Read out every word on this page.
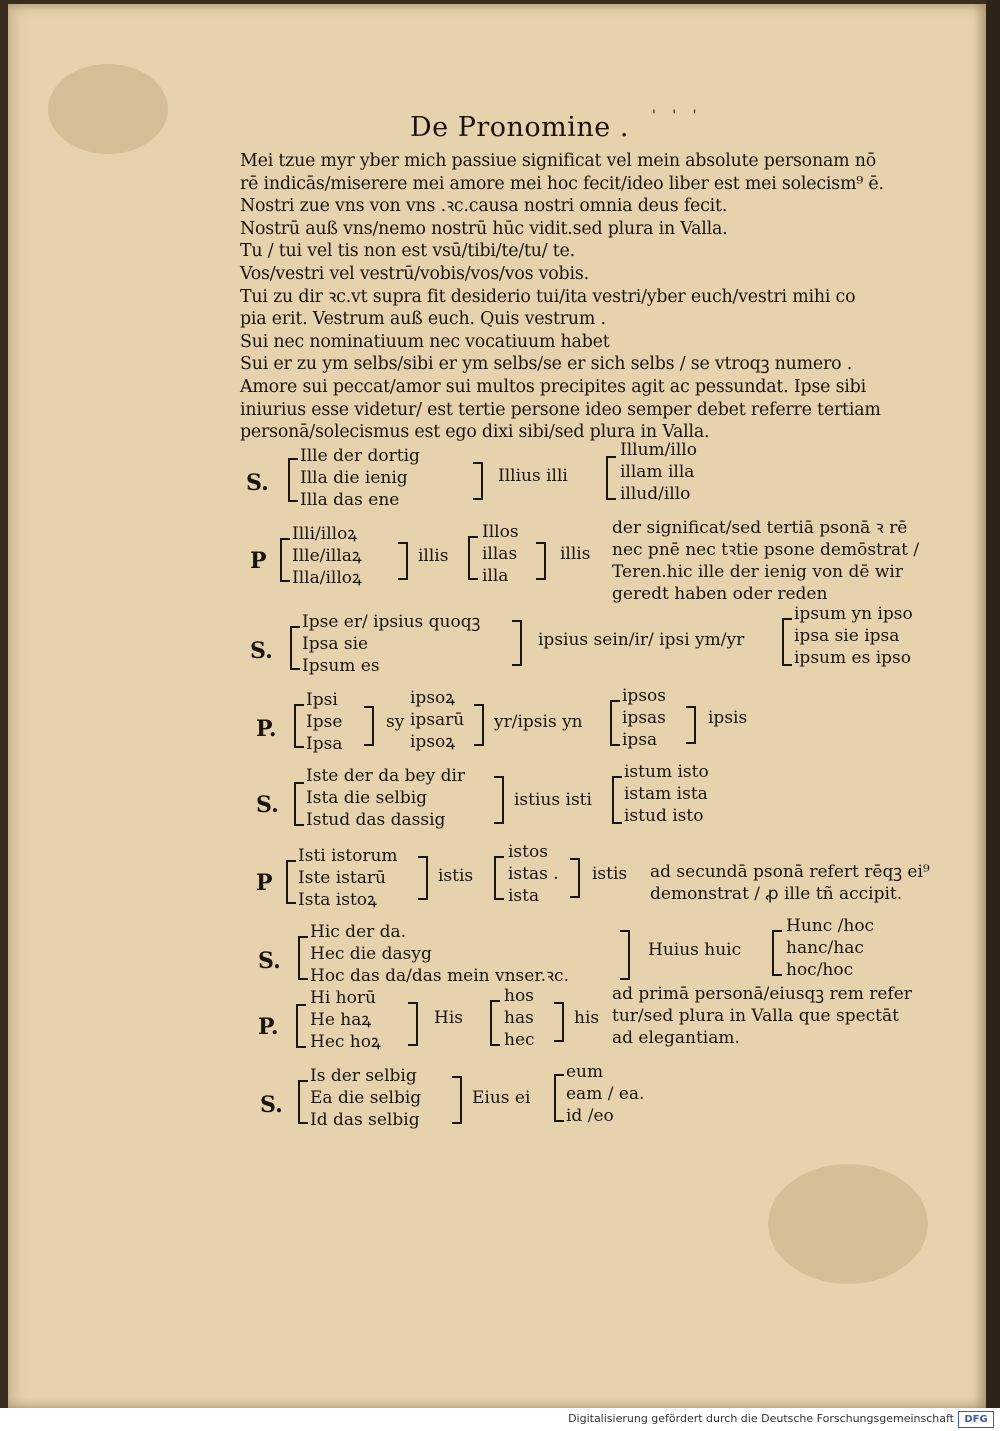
De Pronomine . ' ' '
Mei tzue myr yber mich passiue significat vel mein absolute personam nō
rē indicās/miserere mei amore mei hoc fecit/ideo liber est mei solecism⁹ ē.
Nostri zue vns von vns .ꝛc.causa nostri omnia deus fecit.
Nostrū auß vns/nemo nostrū hūc vidit.sed plura in Valla.
Tu / tui vel tis non est vsū/tibi/te/tu/ te.
Vos/vestri vel vestrū/vobis/vos/vos vobis.
Tui zu dir ꝛc.vt supra fit desiderio tui/ita vestri/yber euch/vestri mihi co
pia erit. Vestrum auß euch. Quis vestrum .
Sui nec nominatiuum nec vocatiuum habet
Sui er zu ym selbs/sibi er ym selbs/se er sich selbs / se vtroqꝫ numero .
Amore sui peccat/amor sui multos precipites agit ac pessundat. Ipse sibi
iniurius esse videtur/ est tertie persone ideo semper debet referre tertiam
personā/solecismus est ego dixi sibi/sed plura in Valla.
S.
Ille der dortig
Illa die ienig
Illa das ene
Illius illi
Illum/illo
illam illa
illud/illo
P
Illi/illoꝝ
Ille/illaꝝ
Illa/illoꝝ
illis
Illos
illas
illa
illis
der significat/sed tertiā psonā ꝛ rē
nec pnē nec tꝛtie psone demōstrat /
Teren.hic ille der ienig von dē wir
geredt haben oder reden
S.
Ipse er/ ipsius quoqꝫ
Ipsa sie
Ipsum es
ipsius sein/ir/ ipsi ym/yr
ipsum yn ipso
ipsa sie ipsa
ipsum es ipso
P.
Ipsi
Ipse
Ipsa
sy
ipsoꝝ
ipsarū
ipsoꝝ
yr/ipsis yn
ipsos
ipsas
ipsa
ipsis
S.
Iste der da bey dir
Ista die selbig
Istud das dassig
istius isti
istum isto
istam ista
istud isto
P
Isti istorum
Iste istarū
Ista istoꝝ
istis
istos
istas .
ista
istis ad secundā psonā refert rēqꝫ ei⁹
demonstrat / ꝓ ille tñ accipit.
S.
Hic der da.
Hec die dasyg
Hoc das da/das mein vnser.ꝛc.
Huius huic
Hunc /hoc
hanc/hac
hoc/hoc
P.
Hi horū
He haꝝ
Hec hoꝝ
His
hos
has
hec
his
ad primā personā/eiusqꝫ rem refer
tur/sed plura in Valla que spectāt
ad elegantiam.
S.
Is der selbig
Ea die selbig
Id das selbig
Eius ei
eum
eam / ea.
id /eo
Digitalisierung gefördert durch die Deutsche Forschungsgemeinschaft	DFG
